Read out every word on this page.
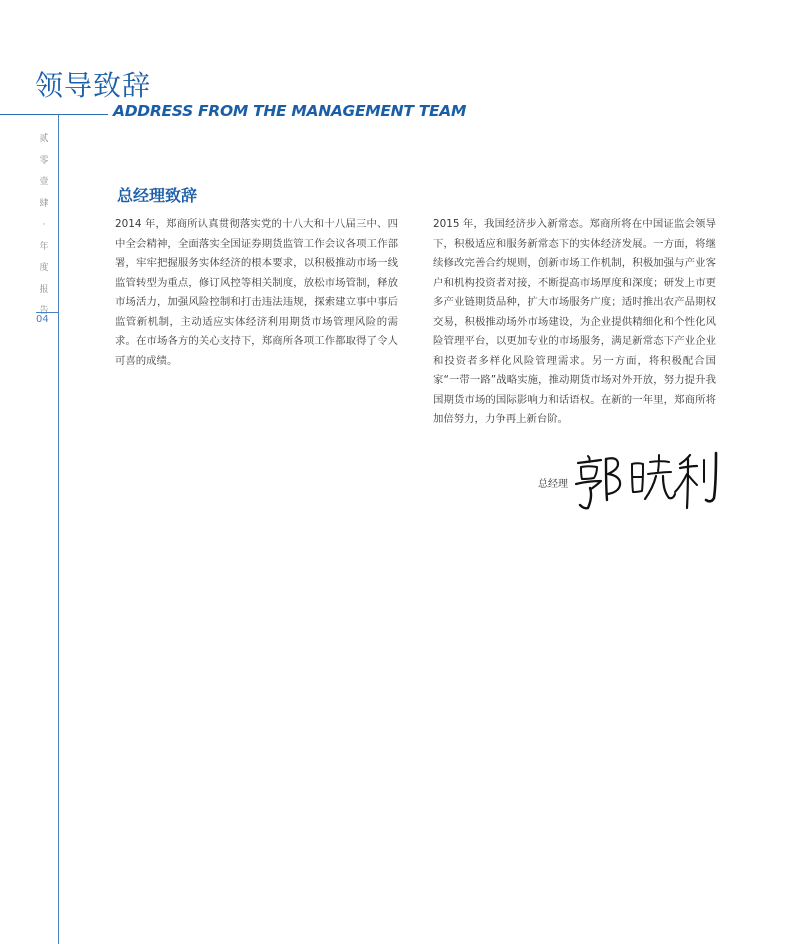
领导致辞
ADDRESS FROM THE MANAGEMENT TEAM
贰
零
壹
肆
·
年
度
报
告
04
总经理致辞

2014 年，郑商所认真贯彻落实党的十八大和十八届三中、四中全会精神，全面落实全国证券期货监管工作会议各项工作部署，牢牢把握服务实体经济的根本要求，以积极推动市场一线监管转型为重点，修订风控等相关制度，放松市场管制，释放市场活力，加强风险控制和打击违法违规，探索建立事中事后监管新机制，主动适应实体经济利用期货市场管理风险的需求。在市场各方的关心支持下，郑商所各项工作都取得了令人可喜的成绩。

2015 年，我国经济步入新常态。郑商所将在中国证监会领导下，积极适应和服务新常态下的实体经济发展。一方面，将继续修改完善合约规则，创新市场工作机制，积极加强与产业客户和机构投资者对接，不断提高市场厚度和深度；研发上市更多产业链期货品种，扩大市场服务广度；适时推出农产品期权交易，积极推动场外市场建设，为企业提供精细化和个性化风险管理平台，以更加专业的市场服务，满足新常态下产业企业和投资者多样化风险管理需求。另一方面，将积极配合国家“一带一路”战略实施，推动期货市场对外开放，努力提升我国期货市场的国际影响力和话语权。在新的一年里，郑商所将加倍努力，力争再上新台阶。

总经理
